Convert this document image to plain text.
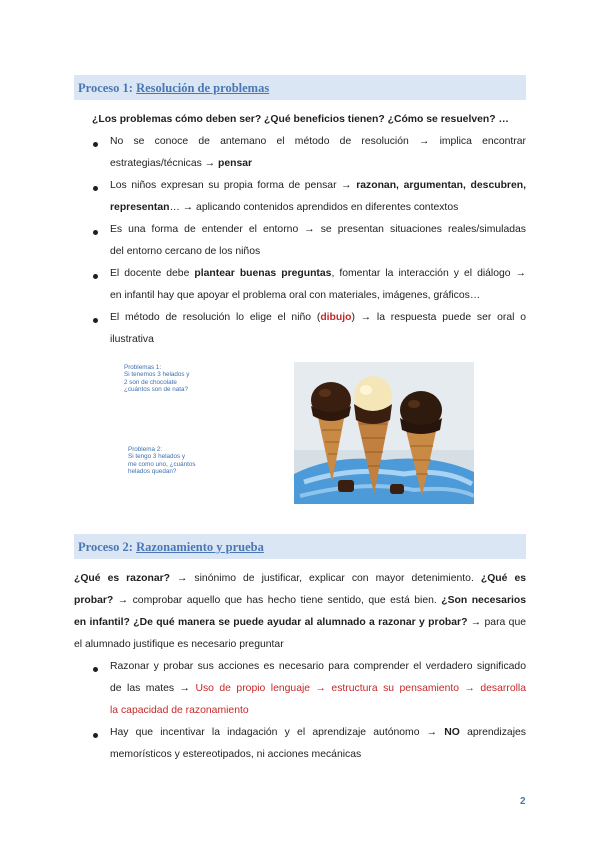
Proceso 1: Resolución de problemas
¿Los problemas cómo deben ser? ¿Qué beneficios tienen? ¿Cómo se resuelven? …
No se conoce de antemano el método de resolución → implica encontrar
estrategias/técnicas → pensar
Los niños expresan su propia forma de pensar → razonan, argumentan, descubren,
representan… → aplicando contenidos aprendidos en diferentes contextos
Es una forma de entender el entorno → se presentan situaciones reales/simuladas
del entorno cercano de los niños
El docente debe plantear buenas preguntas, fomentar la interacción y el diálogo →
en infantil hay que apoyar el problema oral con materiales, imágenes, gráficos…
El método de resolución lo elige el niño (dibujo) → la respuesta puede ser oral o
ilustrativa
Problemas 1:
Si tenemos 3 helados y
2 son de chocolate
¿cuántos son de nata?
Problema 2:
Si tengo 3 helados y
me como uno, ¿cuántos
helados quedan?
Proceso 2: Razonamiento y prueba
¿Qué es razonar? → sinónimo de justificar, explicar con mayor detenimiento. ¿Qué es
probar? → comprobar aquello que has hecho tiene sentido, que está bien. ¿Son necesarios
en infantil? ¿De qué manera se puede ayudar al alumnado a razonar y probar? → para que
el alumnado justifique es necesario preguntar
Razonar y probar sus acciones es necesario para comprender el verdadero significado
de las mates → Uso de propio lenguaje → estructura su pensamiento → desarrolla
la capacidad de razonamiento
Hay que incentivar la indagación y el aprendizaje autónomo → NO aprendizajes
memorísticos y estereotipados, ni acciones mecánicas
2
